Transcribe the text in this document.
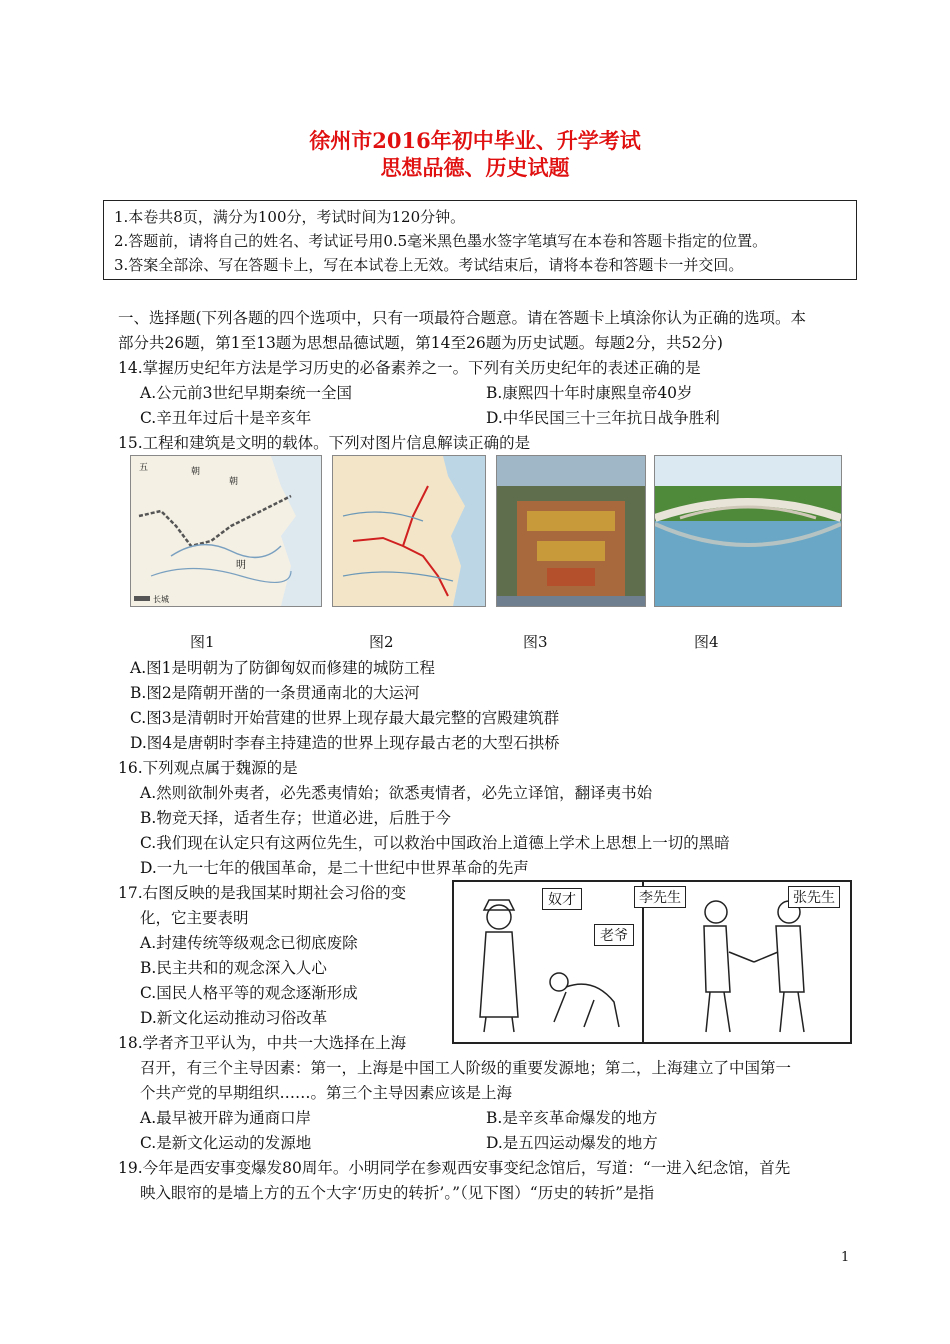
徐州市2016年初中毕业、升学考试
思想品德、历史试题
1.本卷共8页，满分为100分，考试时间为120分钟。
2.答题前，请将自己的姓名、考试证号用0.5毫米黑色墨水签字笔填写在本卷和答题卡指定的位置。
3.答案全部涂、写在答题卡上，写在本试卷上无效。考试结束后，请将本卷和答题卡一并交回。
一、选择题(下列各题的四个选项中，只有一项最符合题意。请在答题卡上填涂你认为正确的选项。本
部分共26题，第1至13题为思想品德试题，第14至26题为历史试题。每题2分，共52分)
14.掌握历史纪年方法是学习历史的必备素养之一。下列有关历史纪年的表述正确的是
A.公元前3世纪早期秦统一全国	B.康熙四十年时康熙皇帝40岁
C.辛丑年过后十是辛亥年	D.中华民国三十三年抗日战争胜利
15.工程和建筑是文明的载体。下列对图片信息解读正确的是
五	朝
朝
明
长城
图1	图2	图3	图4
A.图1是明朝为了防御匈奴而修建的城防工程
B.图2是隋朝开凿的一条贯通南北的大运河
C.图3是清朝时开始营建的世界上现存最大最完整的宫殿建筑群
D.图4是唐朝时李春主持建造的世界上现存最古老的大型石拱桥
16.下列观点属于魏源的是
A.然则欲制外夷者，必先悉夷情始；欲悉夷情者，必先立译馆，翻译夷书始
B.物竞天择，适者生存；世道必进，后胜于今
C.我们现在认定只有这两位先生，可以救治中国政治上道德上学术上思想上一切的黑暗
D.一九一七年的俄国革命，是二十世纪中世界革命的先声
17.右图反映的是我国某时期社会习俗的变
化，它主要表明
A.封建传统等级观念已彻底废除
B.民主共和的观念深入人心
C.国民人格平等的观念逐渐形成
D.新文化运动推动习俗改革
奴才
老爷
李先生	张先生
18.学者齐卫平认为，中共一大选择在上海
召开，有三个主导因素：第一，上海是中国工人阶级的重要发源地；第二，上海建立了中国第一
个共产党的早期组织……。第三个主导因素应该是上海
A.最早被开辟为通商口岸	B.是辛亥革命爆发的地方
C.是新文化运动的发源地	D.是五四运动爆发的地方
19.今年是西安事变爆发80周年。小明同学在参观西安事变纪念馆后，写道：“一进入纪念馆，首先
映入眼帘的是墙上方的五个大字‘历史的转折’。”（见下图）“历史的转折”是指
1
